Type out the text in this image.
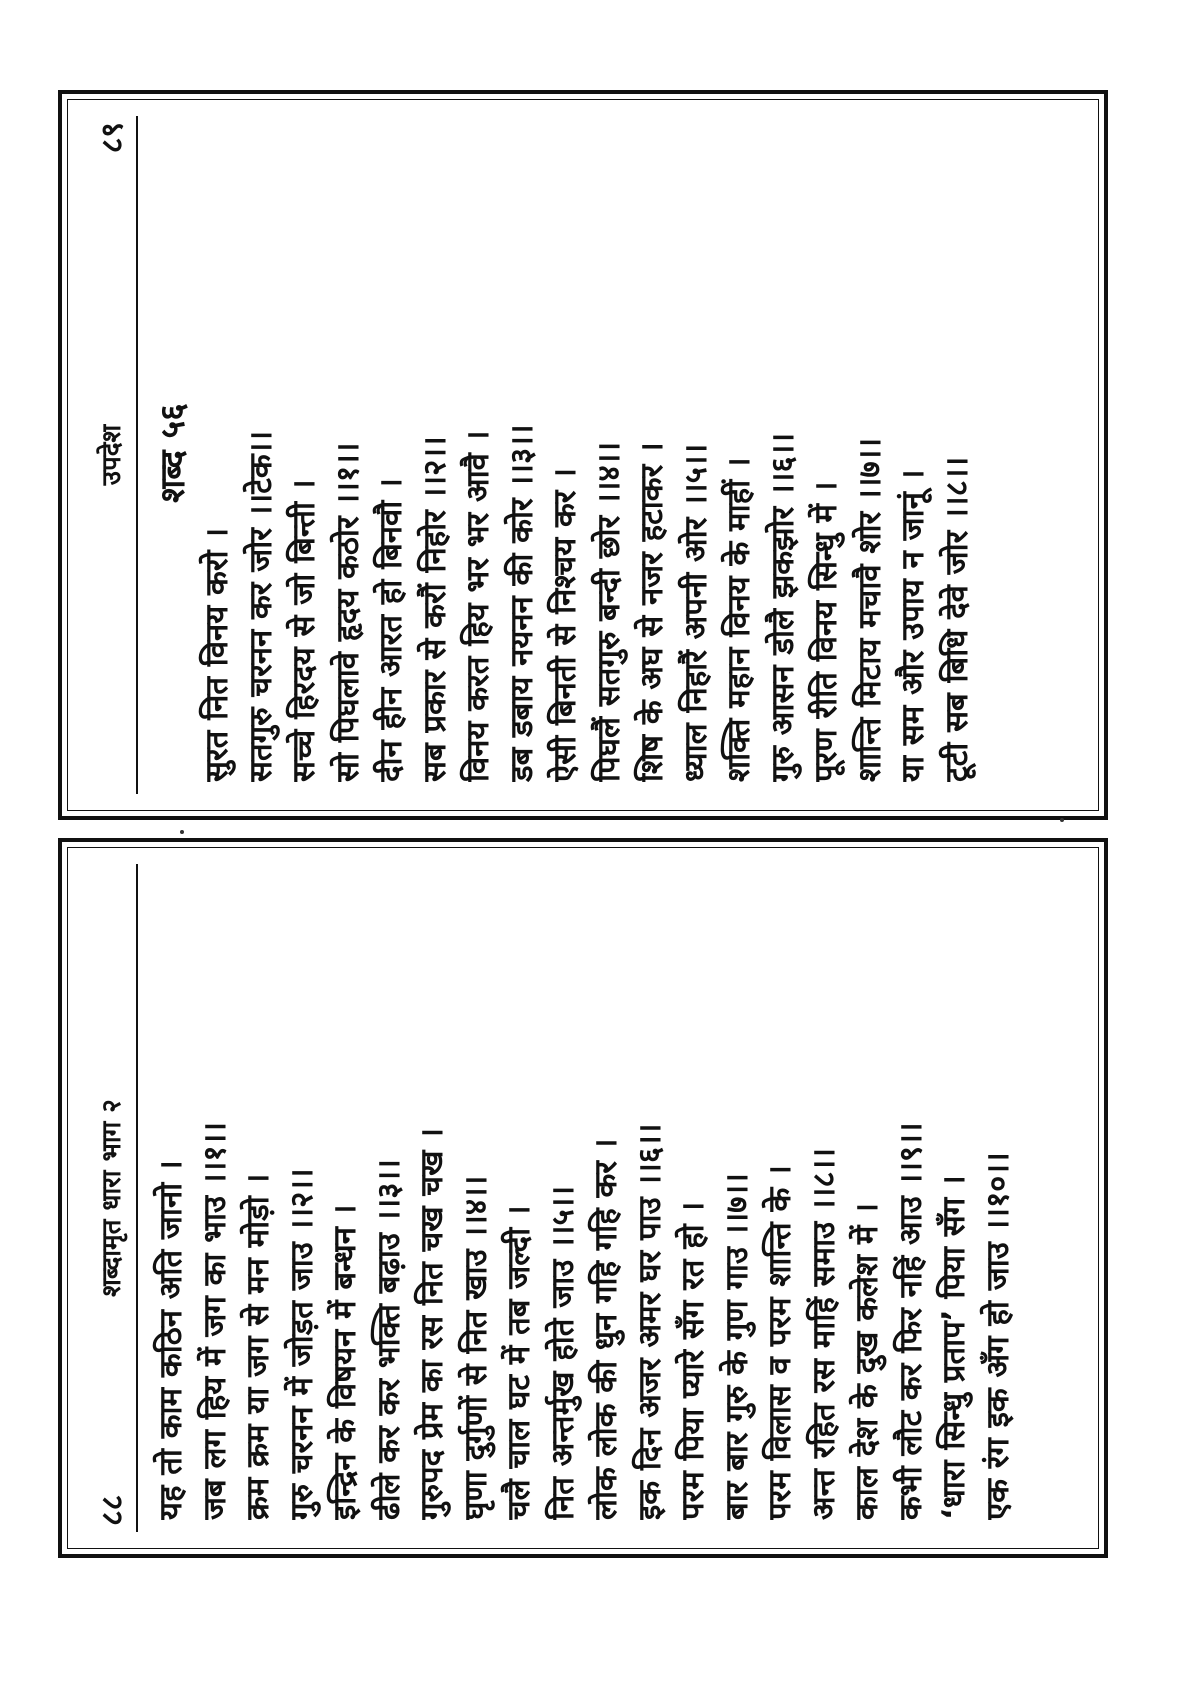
८८
शब्दामृत धारा भाग २ यह तो काम कठिन अति जानो । जब लग हिय में जग का भाउ ।।१।। क्रम क्रम या जग से मन मोड़ो । गुरु चरनन में जोड़त जाउ ।।२।। इन्द्रिन के विषयन में बन्धन । ढीले कर कर भक्ति बढ़ाउ ।।३।। गुरुपद प्रेम का रस नित चख चख । घृणा दुर्गुणों से नित खाउ ।।४।। चलै चाल घट में तब जल्दी । नित अन्तर्मुख होते जाउ ।।५।। लोक लोक की धुन गहि गहि कर । इक दिन अजर अमर घर पाउ ।।६।। परम पिया प्यारे सँग रत हो । बार बार गुरु के गुण गाउ ।।७।। परम विलास व परम शान्ति के । अन्त रहित रस माहिं समाउ ।।८।। काल देश के दुख कलेश में । कभी लौट कर फिर नहिं आउ ।।९।। ‘धारा सिन्धु प्रताप’ पिया सँग । एक रंग इक अँग हो जाउ ।।१०।।
उपदेश
८९
शब्द ५६
सुरत नित विनय करो । सतगुरु चरनन कर जोर ।।टेक।। सच्चे हिरदय से जो बिन्ती । सो पिघलावे हृदय कठोर ।।१।। दीन हीन आरत हो बिनवौ । सब प्रकार से करौं निहोर ।।२।। विनय करत हिय भर भर आवै । डब डबाय नयनन की कोर ।।३।। ऐसी बिनती से निश्चय कर । पिघलैं सतगुरु बन्दी छोर ।।४।। शिष के अघ से नजर हटाकर । ध्याल निहारैं अपनी ओर ।।५।। शक्ति महान विनय के माहीं । गुरु आसन डोलै झकझोर ।।६।। पूरण रीति विनय सिन्धु में । शान्ति मिटाय मचावै शोर ।।७।। या सम और उपाय न जानूं । टूटी सब बिधि देवे जोर ।।८।।
